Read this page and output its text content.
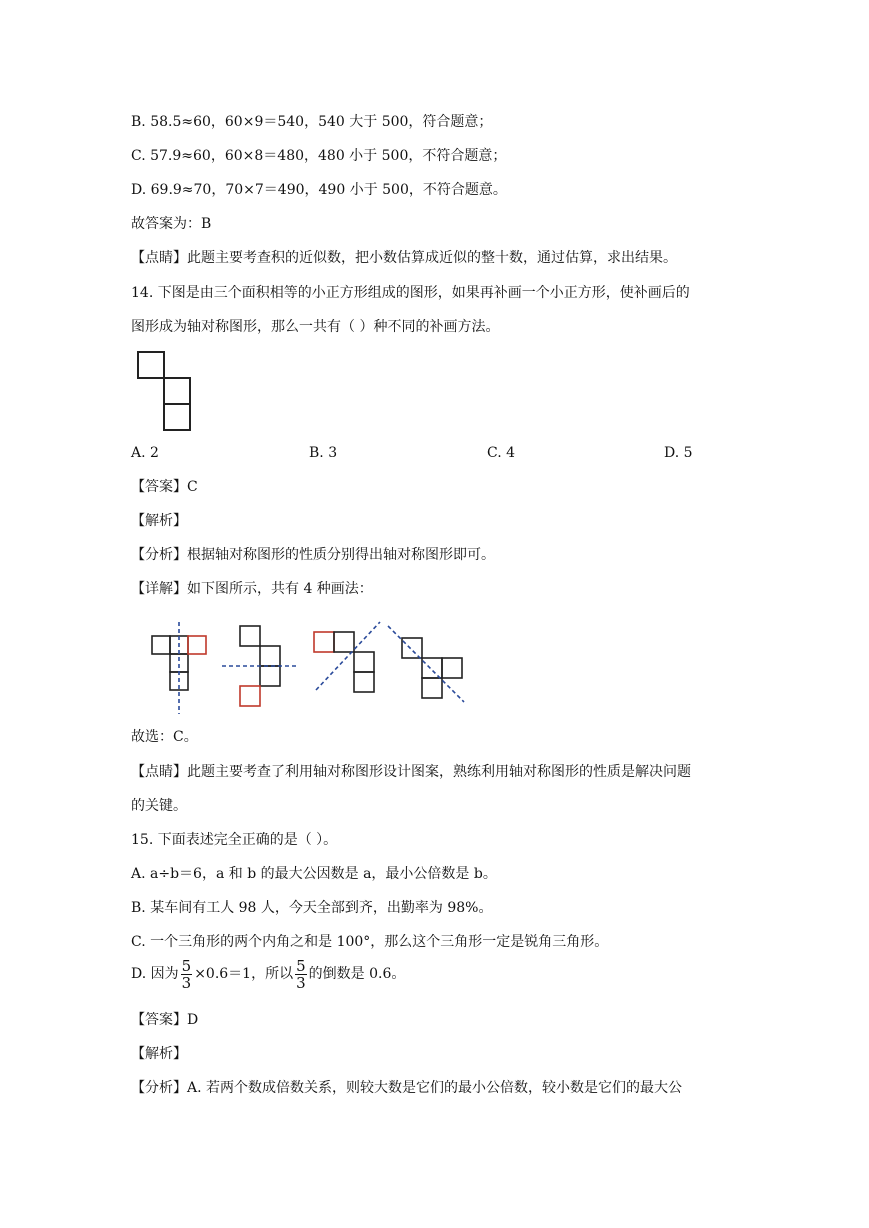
B. 58.5≈60，60×9＝540，540 大于 500，符合题意；
C. 57.9≈60，60×8＝480，480 小于 500，不符合题意；
D. 69.9≈70，70×7＝490，490 小于 500，不符合题意。
故答案为：B
【点睛】此题主要考查积的近似数，把小数估算成近似的整十数，通过估算，求出结果。
14. 下图是由三个面积相等的小正方形组成的图形，如果再补画一个小正方形，使补画后的
图形成为轴对称图形，那么一共有（ ）种不同的补画方法。
A. 2	B. 3	C. 4	D. 5
【答案】C
【解析】
【分析】根据轴对称图形的性质分别得出轴对称图形即可。
【详解】如下图所示，共有 4 种画法：
故选：C。
【点睛】此题主要考查了利用轴对称图形设计图案，熟练利用轴对称图形的性质是解决问题
的关键。
15. 下面表述完全正确的是（ ）。
A. a÷b＝6，a 和 b 的最大公因数是 a，最小公倍数是 b。
B. 某车间有工人 98 人，今天全部到齐，出勤率为 98%。
C. 一个三角形的两个内角之和是 100°，那么这个三角形一定是锐角三角形。
D. 因为 $\frac{5}{3} \times 0.6=1$，所以 $\frac{5}{3}$ 的倒数是 0.6。
【答案】D
【解析】
【分析】A. 若两个数成倍数关系，则较大数是它们的最小公倍数，较小数是它们的最大公
